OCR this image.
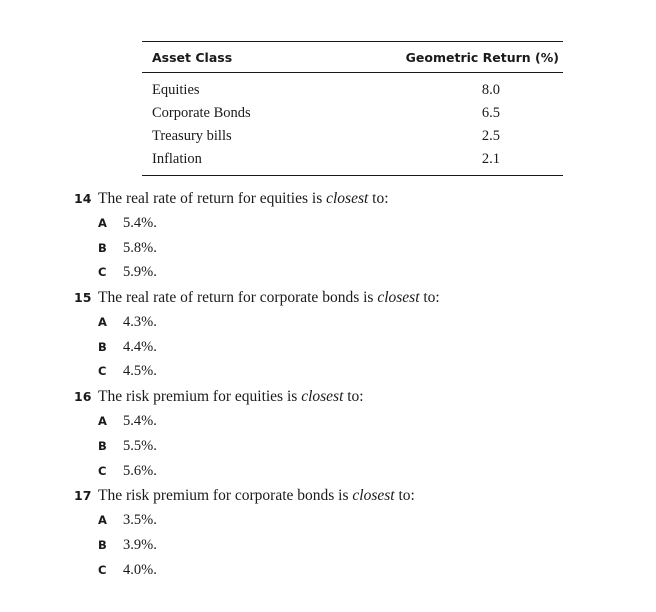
Asset Class	Geometric Return (%)
Equities	8.0
Corporate Bonds	6.5
Treasury bills	2.5
Inflation	2.1
14 The real rate of return for equities is closest to:
A 5.4%.
B 5.8%.
C 5.9%.
15 The real rate of return for corporate bonds is closest to:
A 4.3%.
B 4.4%.
C 4.5%.
16 The risk premium for equities is closest to:
A 5.4%.
B 5.5%.
C 5.6%.
17 The risk premium for corporate bonds is closest to:
A 3.5%.
B 3.9%.
C 4.0%.
